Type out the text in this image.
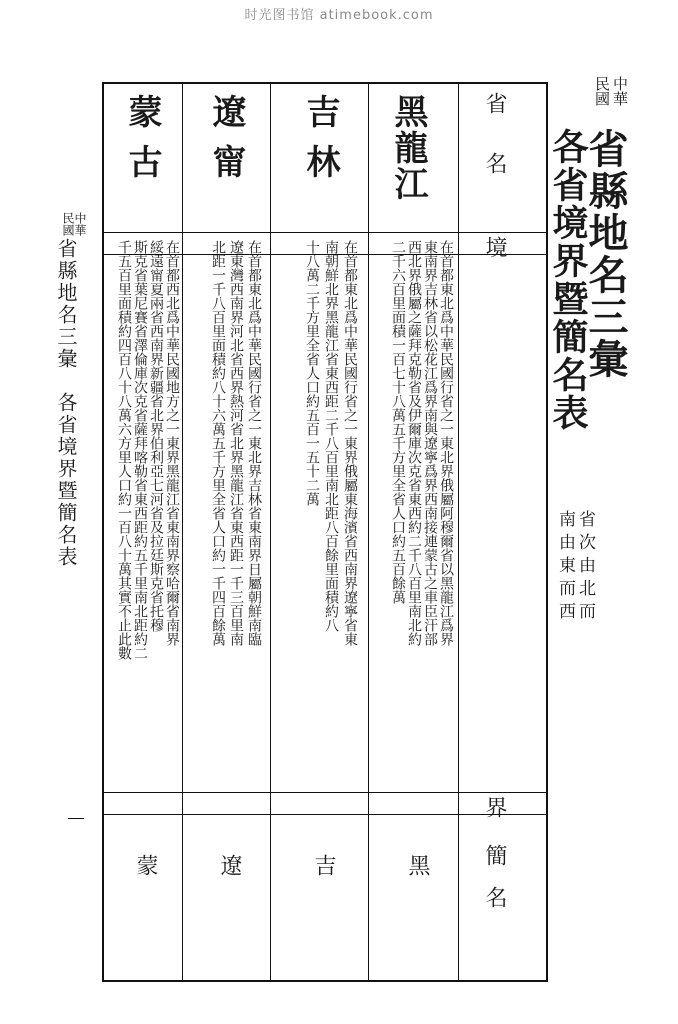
时光图书馆 atimebook.com
中華
民國
省縣地名三彙
各省境界暨簡名表
省次由北而
南由東而西
省名
境
界
簡名
黑龍江
在首都東北爲中華民國行省之一東北界俄屬阿穆爾省以黑龍江爲界
東南界吉林省以松花江爲界南與遼寧爲界西南接連蒙古之車臣汗部
西北界俄屬之薩拜克勒省及伊爾庫次克省東西約二千八百里南北約
二千六百里面積一百七十八萬五千方里全省人口約五百餘萬
黑
吉林
在首都東北爲中華民國行省之一東界俄屬東海濱省西南界遼寧省東
南朝鮮北界黑龍江省東西距二千八百里南北距八百餘里面積約八
十八萬二千方里全省人口約五百一五十二萬
吉
遼甯
在首都東北爲中華民國行省之一東北界吉林省東南界日屬朝鮮南臨
遼東灣西南界河北省西界熱河省北界黑龍江省東西距一千三百里南
北距一千八百里面積約八十六萬五千方里全省人口約一千四百餘萬
遼
蒙古
在首都西北爲中華民國地方之一東界黑龍江省東南界察哈爾省南界
綏遠甯夏兩省西南界新疆省北界伯利亞七河省及拉廷斯克省托穆
斯克省葉尼賽省澤倫庫次克省薩拜喀勒省東西距約五千里南北距約二
千五百里面積約四百八十八萬六方里人口約一百八十萬其實不止此數
蒙
中華
民國
省縣地名三彙　各省境界暨簡名表
